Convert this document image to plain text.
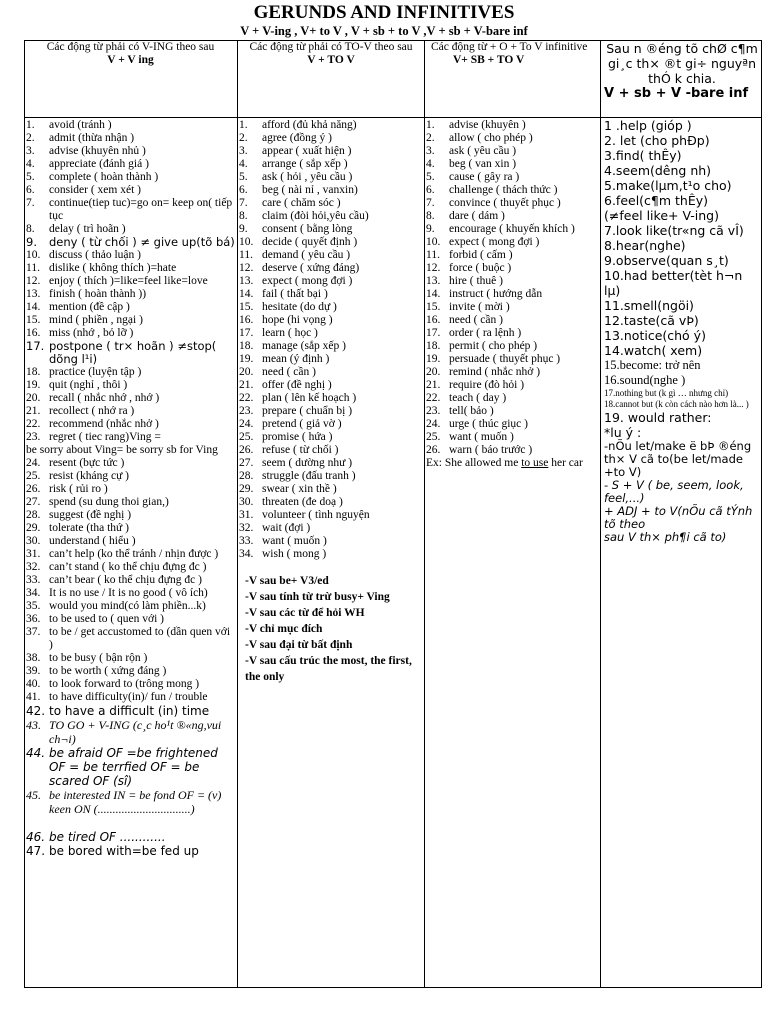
GERUNDS AND INFINITIVES
V + V-ing , V+ to V , V + sb + to V ,V + sb + V-bare inf
Các động từ phải có V-ING theo sau
V + V ing
Các động từ phải có TO-V theo sau
V + TO V
Các động từ + O + To V infinitive
V+ SB + TO V
Sau n ®éng tõ chØ c¶m gi¸c th× ®t gi÷ nguyªn thÓ k chia.
V + sb + V -bare inf
1. avoid (tránh )
2. admit (thừa nhận )
3. advise (khuyên nhủ )
4. appreciate (đánh giá )
5. complete ( hoàn thành )
6. consider ( xem xét )
7. continue(tiep tuc)=go on= keep on( tiếp tục
8. delay ( trì hoãn )
9. deny ( từ chối ) ≠ give up(tõ bá)
10. discuss ( thảo luận )
11. dislike ( không thích )=hate
12. enjoy ( thích )=like=feel like=love
13. finish ( hoàn thành ))
14. mention (đề cập )
15. mind ( phiền , ngại )
16. miss (nhớ , bỏ lỡ )
17. postpone ( tr× hoãn ) ≠stop( dõng l¹i)
18. practice (luyện tập )
19. quit (nghỉ , thôi )
20. recall ( nhắc nhớ , nhớ )
21. recollect ( nhớ ra )
22. recommend (nhắc nhở )
23. regret ( tiec rang)Ving =
be sorry about Ving= be sorry sb for Ving
24. resent (bực tức )
25. resist (kháng cự )
26. risk ( rủi ro )
27. spend (su dung thoi gian,)
28. suggest (đề nghị )
29. tolerate (tha thứ )
30. understand ( hiểu )
31. can’t help (ko thể tránh / nhịn được )
32. can’t stand ( ko thể chịu đựng đc )
33. can’t bear ( ko thể chịu đựng đc )
34. It is no use / It is no good ( vô ích)
35. would you mind(có làm phiền...k)
36. to be used to ( quen với )
37. to be / get accustomed to (dần quen với )
38. to be busy ( bận rộn )
39. to be worth ( xứng đáng )
40. to look forward to (trông mong )
41. to have difficulty(in)/ fun / trouble
42. to have a difficult (in) time
43. TO GO + V-ING (c¸c ho¹t ®«ng,vui ch¬i)
44. be afraid OF =be frightened OF = be terrfied OF = be scared OF (sî)
45. be interested IN = be fond OF = (v) keen ON (...............................)
46. be tired OF ............
47. be bored with=be fed up
1. afford (đủ khả năng)
2. agree (đồng ý )
3. appear ( xuất hiện )
4. arrange ( sắp xếp )
5. ask ( hỏi , yêu cầu )
6. beg ( nài nỉ , vanxin)
7. care ( chăm sóc )
8. claim (đòi hỏi,yêu cầu)
9. consent ( bằng lòng
10. decide ( quyết định )
11. demand ( yêu cầu )
12. deserve ( xứng đáng)
13. expect ( mong đợi )
14. fail ( thất bại )
15. hesitate (do dự )
16. hope (hi vọng )
17. learn ( học )
18. manage (sắp xếp )
19. mean (ý định )
20. need ( cần )
21. offer (đề nghị )
22. plan ( lên kế hoạch )
23. prepare ( chuẩn bị )
24. pretend ( giả vờ )
25. promise ( hứa )
26. refuse ( từ chối )
27. seem ( dường như )
28. struggle (đấu tranh )
29. swear ( xin thề )
30. threaten (đe doạ )
31. volunteer ( tình nguyện
32. wait (đợi )
33. want ( muốn )
34. wish ( mong )
-V sau be+ V3/ed
-V sau tính từ trừ busy+ Ving
-V sau các từ để hỏi WH
-V chỉ mục đích
-V sau đại từ bất định
-V sau cấu trúc the most, the first, the only
1. advise (khuyên )
2. allow ( cho phép )
3. ask ( yêu cầu )
4. beg ( van xin )
5. cause ( gây ra )
6. challenge ( thách thức )
7. convince ( thuyết phục )
8. dare ( dám )
9. encourage ( khuyến khích )
10. expect ( mong đợi )
11. forbid ( cấm )
12. force ( buộc )
13. hire ( thuê )
14. instruct ( hướng dẫn
15. invite ( mời )
16. need ( cần )
17. order ( ra lệnh )
18. permit ( cho phép )
19. persuade ( thuyết phục )
20. remind ( nhắc nhở )
21. require (đò hỏi )
22. teach ( day )
23. tell( bảo )
24. urge ( thúc giục )
25. want ( muốn )
26. warn ( báo trước )
Ex: She allowed me to use her car
1 .help (gióp )
2. let (cho phÐp)
3.find( thÊy)
4.seem(dêng nh)
5.make(lµm,t¹o cho)
6.feel(c¶m thÊy)
(≠feel like+ V-ing)
7.look like(tr«ng cã vÎ)
8.hear(nghe)
9.observe(quan s¸t)
10.had better(tèt h¬n lµ)
11.smell(ngöi)
12.taste(cã vÞ)
13.notice(chó ý)
14.watch( xem)
15.become: trở nên
16.sound(nghe )
17.nothing but (k gì … nhưng chỉ)
18.cannot but (k còn cách nào hơn là... )
19. would rather:
*lu ý :
-nÕu let/make ë bÞ ®éng th× V cã to(be let/made +to V)
- S + V ( be, seem, look, feel,...)
+ ADJ + to V(nÕu cã tÝnh tõ theo
sau V th× ph¶i cã to)
